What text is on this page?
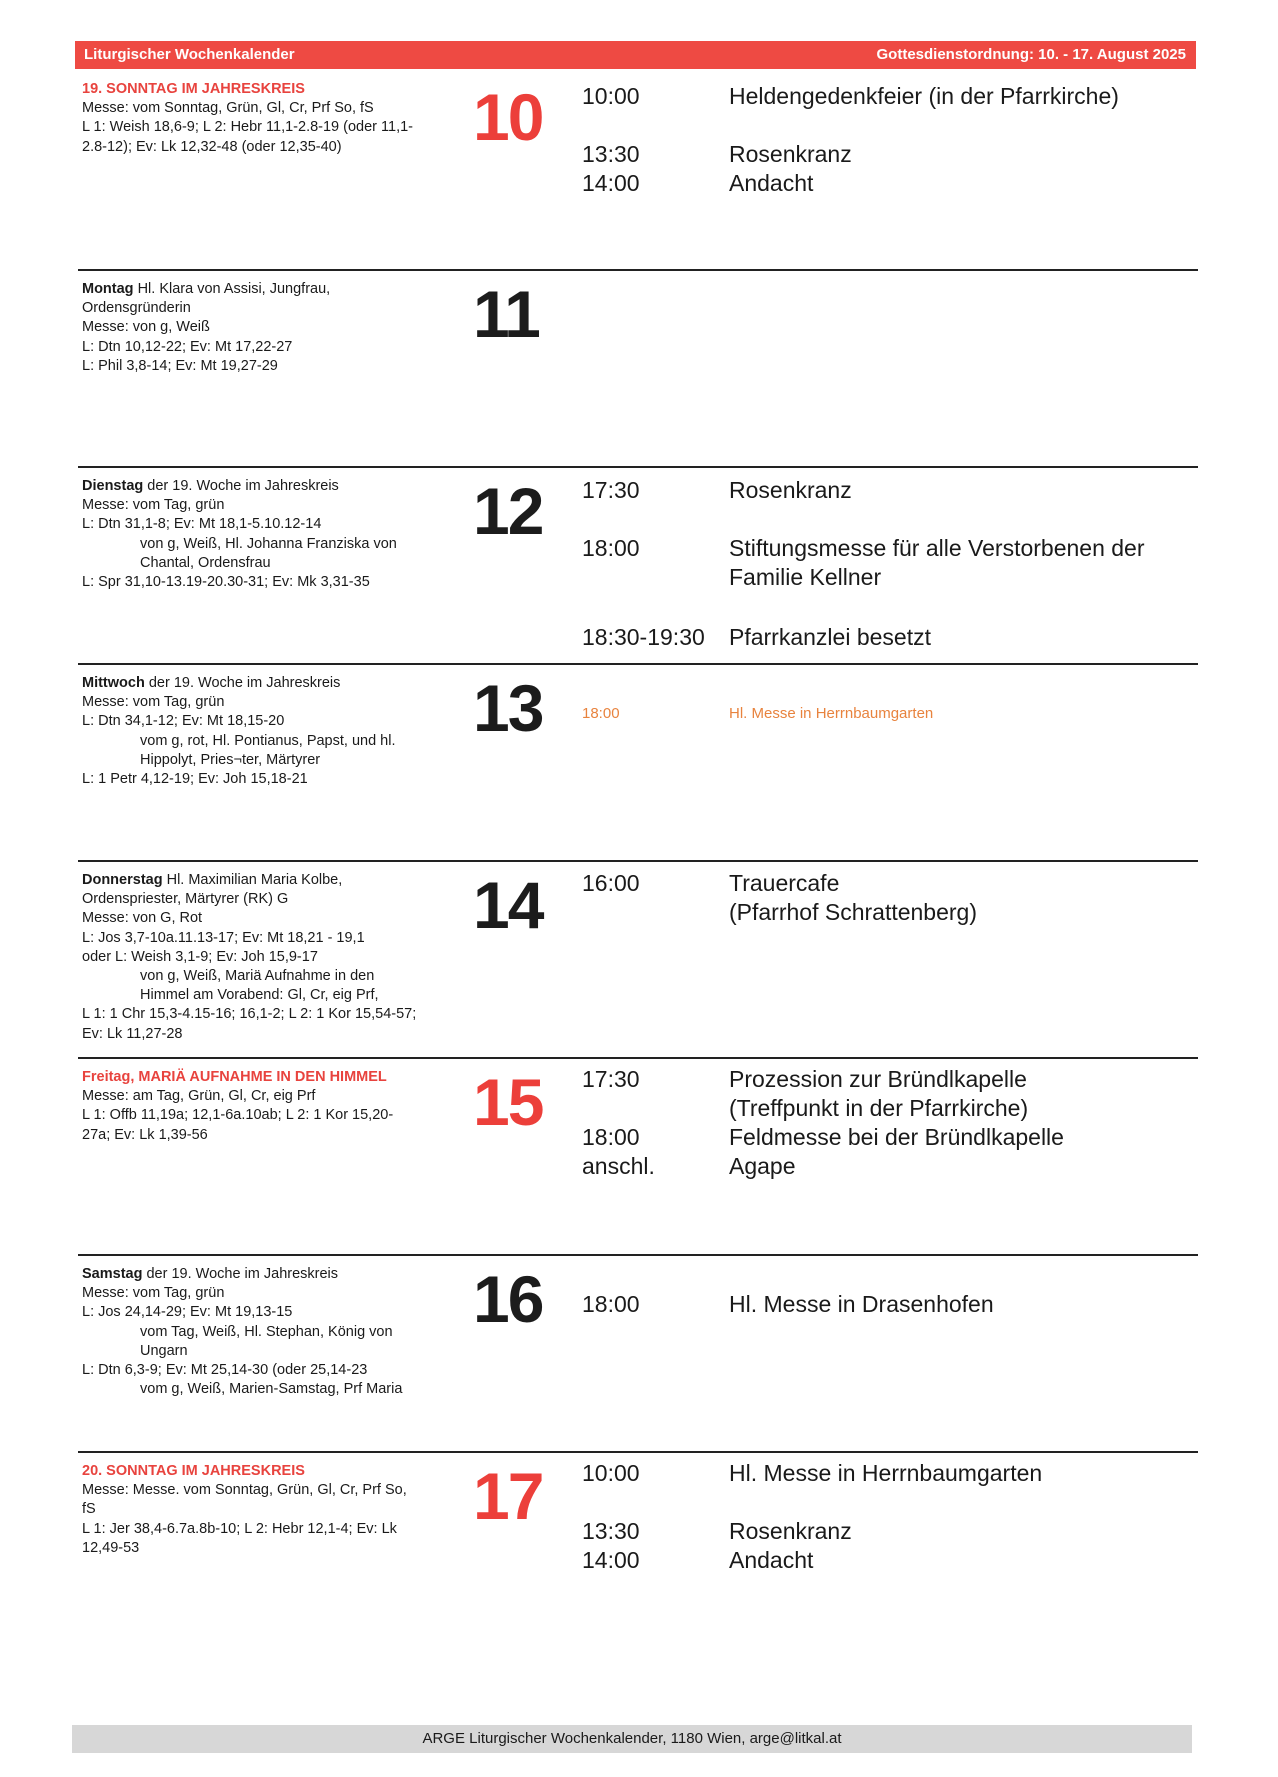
Liturgischer Wochenkalender	Gottesdienstordnung: 10. - 17. August 2025
19. SONNTAG IM JAHRESKREIS
Messe: vom Sonntag, Grün, Gl, Cr, Prf So, fS
L 1: Weish 18,6-9; L 2: Hebr 11,1-2.8-19 (oder 11,1-
2.8-12); Ev: Lk 12,32-48 (oder 12,35-40)	10 10:00	Heldengedenkfeier (in der Pfarrkirche)
13:30	Rosenkranz
14:00	Andacht
Montag Hl. Klara von Assisi, Jungfrau,
Ordensgründerin
Messe: von g, Weiß
L: Dtn 10,12-22; Ev: Mt 17,22-27
L: Phil 3,8-14; Ev: Mt 19,27-29
11
Dienstag der 19. Woche im Jahreskreis
Messe: vom Tag, grün
L: Dtn 31,1-8; Ev: Mt 18,1-5.10.12-14
von g, Weiß, Hl. Johanna Franziska von
Chantal, Ordensfrau
L: Spr 31,10-13.19-20.30-31; Ev: Mk 3,31-35
12 17:30	Rosenkranz
18:00	Stiftungsmesse für alle Verstorbenen der
Familie Kellner
18:30-19:30 Pfarrkanzlei besetzt
Mittwoch der 19. Woche im Jahreskreis
Messe: vom Tag, grün
L: Dtn 34,1-12; Ev: Mt 18,15-20
vom g, rot, Hl. Pontianus, Papst, und hl.
Hippolyt, Pries¬ter, Märtyrer
L: 1 Petr 4,12-19; Ev: Joh 15,18-21
13	18:00	Hl. Messe in Herrnbaumgarten
Donnerstag Hl. Maximilian Maria Kolbe,
Ordenspriester, Märtyrer (RK) G
Messe: von G, Rot
L: Jos 3,7-10a.11.13-17; Ev: Mt 18,21 - 19,1
oder L: Weish 3,1-9; Ev: Joh 15,9-17
von g, Weiß, Mariä Aufnahme in den
Himmel am Vorabend: Gl, Cr, eig Prf,
L 1: 1 Chr 15,3-4.15-16; 16,1-2; L 2: 1 Kor 15,54-57;
Ev: Lk 11,27-28
14 16:00	Trauercafe
(Pfarrhof Schrattenberg)
Freitag, MARIÄ AUFNAHME IN DEN HIMMEL
Messe: am Tag, Grün, Gl, Cr, eig Prf
L 1: Offb 11,19a; 12,1-6a.10ab; L 2: 1 Kor 15,20-
27a; Ev: Lk 1,39-56	15 17:30	Prozession zur Bründlkapelle
(Treffpunkt in der Pfarrkirche)
18:00	Feldmesse bei der Bründlkapelle
anschl.	Agape
Samstag der 19. Woche im Jahreskreis
Messe: vom Tag, grün
L: Jos 24,14-29; Ev: Mt 19,13-15
vom Tag, Weiß, Hl. Stephan, König von
Ungarn
L: Dtn 6,3-9; Ev: Mt 25,14-30 (oder 25,14-23
vom g, Weiß, Marien-Samstag, Prf Maria
16 18:00	Hl. Messe in Drasenhofen
20. SONNTAG IM JAHRESKREIS
Messe: Messe. vom Sonntag, Grün, Gl, Cr, Prf So,
fS
L 1: Jer 38,4-6.7a.8b-10; L 2: Hebr 12,1-4; Ev: Lk
12,49-53
17 10:00	Hl. Messe in Herrnbaumgarten
13:30	Rosenkranz
14:00	Andacht
ARGE Liturgischer Wochenkalender, 1180 Wien, arge@litkal.at
